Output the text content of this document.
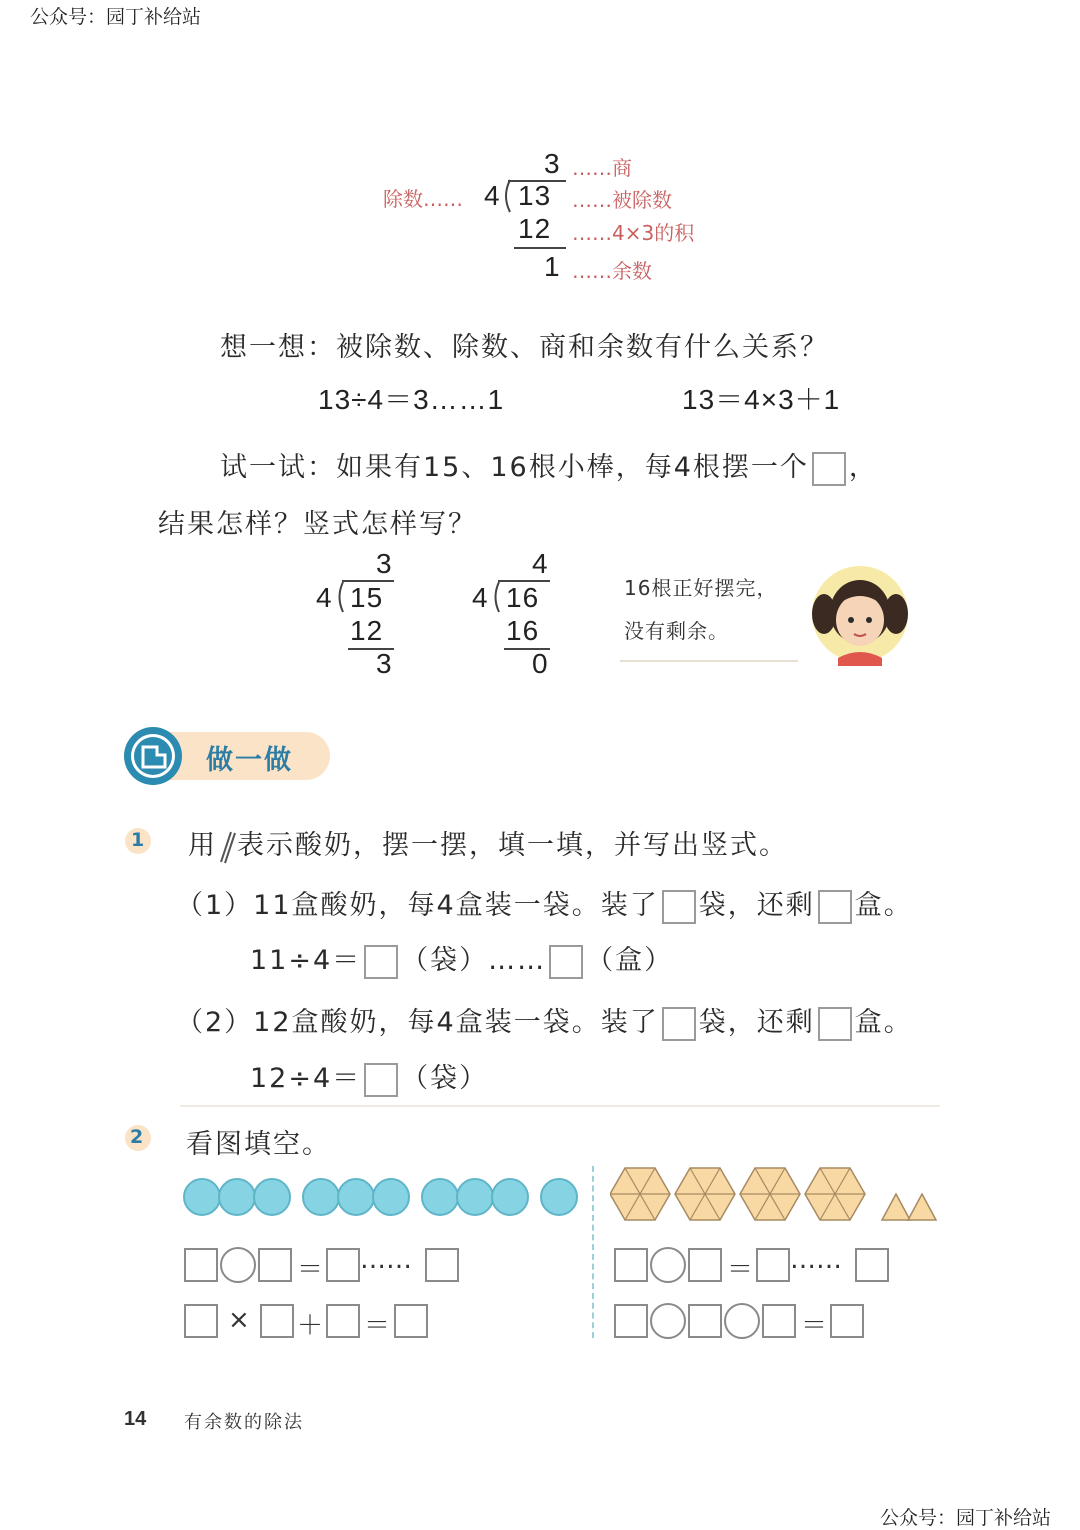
公众号：园丁补给站
公众号：园丁补给站
3 ……商
除数…… 4 13 ……被除数
12 ……4×3的积
1 ……余数
想一想：被除数、除数、商和余数有什么关系？
13÷4＝3……1	13＝4×3＋1
试一试：如果有15、16根小棒，每4根摆一个 ，
结果怎样？竖式怎样写？
3
4 15
12
3
4
4 16
16
0
16根正好摆完，
没有剩余。
做一做
1 用 表示酸奶，摆一摆，填一填，并写出竖式。
（1）11盒酸奶，每4盒装一袋。装了 袋，还剩 盒。
11÷4＝ （袋）…… （盒）
（2）12盒酸奶，每4盒装一袋。装了 袋，还剩 盒。
12÷4＝ （袋）
2 看图填空。
＝ ……
× ＋ ＝
＝ ……
＝
14 有余数的除法
